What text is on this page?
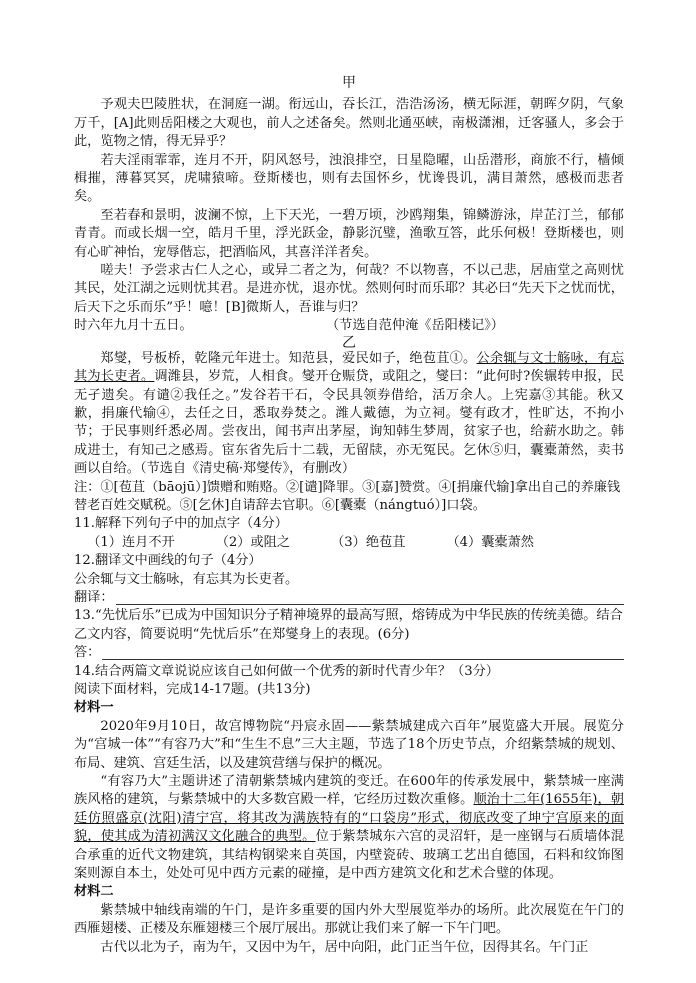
甲

予观夫巴陵胜状，在洞庭一湖。衔远山，吞长江，浩浩汤汤，横无际涯，朝晖夕阴，气象万千，[A]此则岳阳楼之大观也，前人之述备矣。然则北通巫峡，南极潇湘，迁客骚人，多会于此，览物之情，得无异乎？

若夫淫雨霏霏，连月不开，阴风怒号，浊浪排空，日星隐曜，山岳潜形，商旅不行，樯倾楫摧，薄暮冥冥，虎啸猿啼。登斯楼也，则有去国怀乡，忧谗畏讥，满目萧然，感极而悲者矣。

至若春和景明，波澜不惊，上下天光，一碧万顷，沙鸥翔集，锦鳞游泳，岸芷汀兰，郁郁青青。而或长烟一空，皓月千里，浮光跃金，静影沉璧，渔歌互答，此乐何极！登斯楼也，则有心旷神怡，宠辱偕忘，把酒临风，其喜洋洋者矣。

嗟夫！予尝求古仁人之心，或异二者之为，何哉？不以物喜，不以己悲，居庙堂之高则忧其民，处江湖之远则忧其君。是进亦忧，退亦忧。然则何时而乐耶？其必曰“先天下之忧而忧，后天下之乐而乐”乎！噫！[B]微斯人，吾谁与归？

时六年九月十五日。	（节选自范仲淹《岳阳楼记》）
乙

郑燮，号板桥，乾隆元年进士。知范县，爱民如子，绝苞苴①。公余辄与文士觞咏，有忘其为长吏者。调潍县，岁荒，人相食。燮开仓赈贷，或阻之，燮曰：“此何时?俟辗转申报，民无孑遗矣。有谴②我任之。”发谷若干石，令民具领券借给，活万余人。上宪嘉③其能。秋又歉，捐廉代输④，去任之日，悉取券焚之。潍人戴德，为立祠。燮有政才，性旷达，不拘小节；于民事则纤悉必周。尝夜出，闻书声出茅屋，询知韩生梦周，贫家子也，给薪水助之。韩成进士，有知己之感焉。宦东省先后十二载，无留牍，亦无冤民。乞休⑤归，囊橐萧然，卖书画以自给。（节选自《清史稿·郑燮传》，有删改）

注：①[苞苴（bāojū）]馈赠和贿赂。②[谴]降罪。③[嘉]赞赏。④[捐廉代输]拿出自己的养廉钱替老百姓交赋税。⑤[乞休]自请辞去官职。⑥[囊橐（nángtuó）]口袋。

11.解释下列句子中的加点字（4分）

（1）连月不开	（2）或阻之	（3）绝苞苴	（4）囊橐萧然

12.翻译文中画线的句子（4分）

公余辄与文士觞咏，有忘其为长吏者。

翻译：

13.“先忧后乐”已成为中国知识分子精神境界的最高写照，熔铸成为中华民族的传统美德。结合乙文内容，简要说明“先忧后乐”在郑燮身上的表现。(6分)

答：

14.结合两篇文章说说应该自己如何做一个优秀的新时代青少年？（3分）

阅读下面材料，完成14-17题。(共13分)

材料一

2020年9月10日，故宫博物院“丹宸永固——紫禁城建成六百年”展览盛大开展。展览分为“宫城一体”“有容乃大”和“生生不息”三大主题，节选了18个历史节点，介绍紫禁城的规划、布局、建筑、宫廷生活，以及建筑营缮与保护的概况。

“有容乃大”主题讲述了清朝紫禁城内建筑的变迁。在600年的传承发展中，紫禁城一座满族风格的建筑，与紫禁城中的大多数宫殿一样，它经历过数次重修。顺治十二年(1655年)，朝廷仿照盛京(沈阳)清宁宫，将其改为满族特有的“口袋房”形式，彻底改变了坤宁宫原来的面貌，使其成为清初满汉文化融合的典型。位于紫禁城东六宫的灵沼轩，是一座钢与石质墙体混合承重的近代文物建筑，其结构钢梁来自英国，内壁瓷砖、玻璃工艺出自德国，石料和纹饰图案则源自本土，处处可见中西方元素的碰撞，是中西方建筑文化和艺术合璧的体现。

材料二

紫禁城中轴线南端的午门，是许多重要的国内外大型展览举办的场所。此次展览在午门的西雁翅楼、正楼及东雁翅楼三个展厅展出。那就让我们来了解一下午门吧。

古代以北为子，南为午，又因中为午，居中向阳，此门正当午位，因得其名。午门正
